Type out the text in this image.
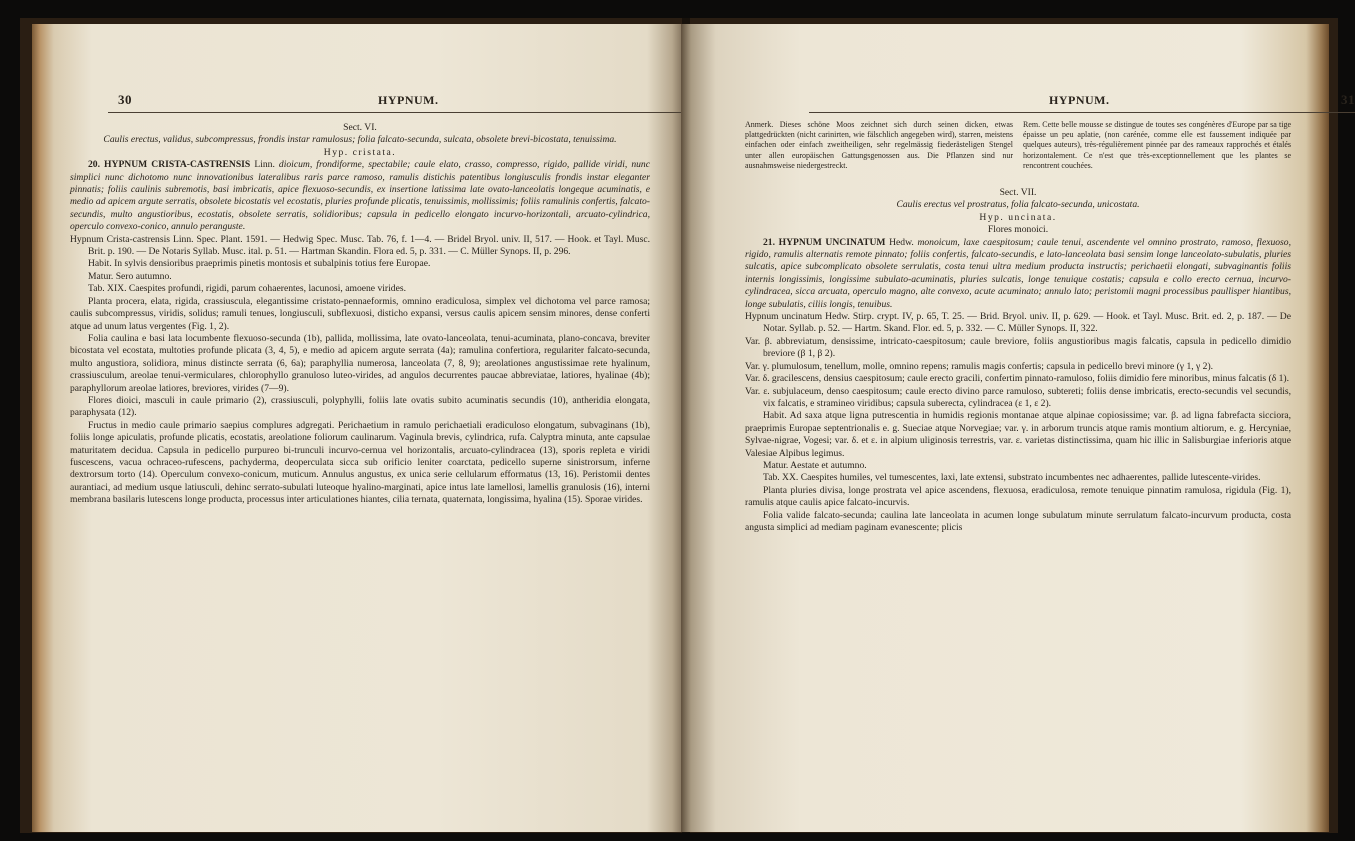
30	HYPNUM.

Sect. VI.

Caulis erectus, validus, subcompressus, frondis instar ramulosus; folia falcato-secunda, sulcata, obsolete brevi-bicostata, tenuissima.

Hyp. cristata.

20. HYPNUM CRISTA-CASTRENSIS Linn. dioicum, frondiforme, spectabile; caule elato, crasso, compresso, rigido, pallide viridi, nunc simplici nunc dichotomo nunc innovationibus lateralibus raris parce ramoso, ramulis distichis patentibus longiusculis frondis instar eleganter pinnatis; foliis caulinis subremotis, basi imbricatis, apice flexuoso-secundis, ex insertione latissima late ovato-lanceolatis longeque acuminatis, e medio ad apicem argute serratis, obsolete bicostatis vel ecostatis, pluries profunde plicatis, tenuissimis, mollissimis; foliis ramulinis confertis, falcato-secundis, multo angustioribus, ecostatis, obsolete serratis, solidioribus; capsula in pedicello elongato incurvo-horizontali, arcuato-cylindrica, operculo convexo-conico, annulo peranguste.

Hypnum Crista-castrensis Linn. Spec. Plant. 1591. — Hedwig Spec. Musc. Tab. 76, f. 1—4. — Bridel Bryol. univ. II, 517. — Hook. et Tayl. Musc. Brit. p. 190. — De Notaris Syllab. Musc. ital. p. 51. — Hartman Skandin. Flora ed. 5, p. 331. — C. Müller Synops. II, p. 296.

Habit. In sylvis densioribus praeprimis pinetis montosis et subalpinis totius fere Europae.

Matur. Sero autumno.

Tab. XIX. Caespites profundi, rigidi, parum cohaerentes, lacunosi, amoene virides.

Planta procera, elata, rigida, crassiuscula, elegantissime cristato-pennaeformis, omnino eradiculosa, simplex vel dichotoma vel parce ramosa; caulis subcompressus, viridis, solidus; ramuli tenues, longiusculi, subflexuosi, disticho expansi, versus caulis apicem sensim minores, dense conferti atque ad unum latus vergentes (Fig. 1, 2).

Folia caulina e basi lata locumbente flexuoso-secunda (1b), pallida, mollissima, late ovato-lanceolata, tenui-acuminata, plano-concava, breviter bicostata vel ecostata, multoties profunde plicata (3, 4, 5), e medio ad apicem argute serrata (4a); ramulina confertiora, regulariter falcato-secunda, multo angustiora, solidiora, minus distincte serrata (6, 6a); paraphyllia numerosa, lanceolata (7, 8, 9); areolationes angustissimae rete hyalinum, crassiusculum, areolae tenui-vermiculares, chlorophyllo granuloso luteo-virides, ad angulos decurrentes paucae abbreviatae, latiores, hyalinae (4b); paraphyllorum areolae latiores, breviores, virides (7—9).

Flores dioici, masculi in caule primario (2), crassiusculi, polyphylli, foliis late ovatis subito acuminatis secundis (10), antheridia elongata, paraphysata (12).

Fructus in medio caule primario saepius complures adgregati. Perichaetium in ramulo perichaetiali eradiculoso elongatum, subvaginans (1b), foliis longe apiculatis, profunde plicatis, ecostatis, areolatione foliorum caulinarum. Vaginula brevis, cylindrica, rufa. Calyptra minuta, ante capsulae maturitatem decidua. Capsula in pedicello purpureo bi-trunculi incurvo-cernua vel horizontalis, arcuato-cylindracea (13), sporis repleta e viridi fuscescens, vacua ochraceo-rufescens, pachyderma, deoperculata sicca sub orificio leniter coarctata, pedicello superne sinistrorsum, inferne dextrorsum torto (14). Operculum convexo-conicum, muticum. Annulus angustus, ex unica serie cellularum efformatus (13, 16). Peristomii dentes aurantiaci, ad medium usque latiusculi, dehinc serrato-subulati luteoque hyalino-marginati, apice intus late lamellosi, lamellis granulosis (16), interni membrana basilaris lutescens longe producta, processus inter articulationes hiantes, cilia ternata, quaternata, longissima, hyalina (15). Sporae virides.

HYPNUM.	31
Anmerk. Dieses schöne Moos zeichnet sich durch seinen dicken, etwas plattgedrückten (nicht carinirten, wie fälschlich angegeben wird), starren, meistens einfachen oder einfach zweitheiligen, sehr regelmässig fiederästeligen Stengel unter allen europäischen Gattungsgenossen aus. Die Pflanzen sind nur ausnahmsweise niedergestreckt.
Rem. Cette belle mousse se distingue de toutes ses congénères d'Europe par sa tige épaisse un peu aplatie, (non carénée, comme elle est faussement indiquée par quelques auteurs), très-régulièrement pinnée par des rameaux rapprochés et étalés horizontalement. Ce n'est que très-exceptionnellement que les plantes se rencontrent couchées.

Sect. VII.

Caulis erectus vel prostratus, folia falcato-secunda, unicostata.

Hyp. uncinata.

Flores monoici.

21. HYPNUM UNCINATUM Hedw. monoicum, laxe caespitosum; caule tenui, ascendente vel omnino prostrato, ramoso, flexuoso, rigido, ramulis alternatis remote pinnato; foliis confertis, falcato-secundis, e lato-lanceolata basi sensim longe lanceolato-subulatis, pluries sulcatis, apice subcomplicato obsolete serrulatis, costa tenui ultra medium producta instructis; perichaetii elongati, subvaginantis foliis internis longissimis, longissime subulato-acuminatis, pluries sulcatis, longe tenuique costatis; capsula e collo erecto cernua, incurvo-cylindracea, sicca arcuata, operculo magno, alte convexo, acute acuminato; annulo lato; peristomii magni processibus paullisper hiantibus, longe subulatis, ciliis longis, tenuibus.

Hypnum uncinatum Hedw. Stirp. crypt. IV, p. 65, T. 25. — Brid. Bryol. univ. II, p. 629. — Hook. et Tayl. Musc. Brit. ed. 2, p. 187. — De Notar. Syllab. p. 52. — Hartm. Skand. Flor. ed. 5, p. 332. — C. Müller Synops. II, 322.

Var. β. abbreviatum, densissime, intricato-caespitosum; caule breviore, foliis angustioribus magis falcatis, capsula in pedicello dimidio breviore (β 1, β 2).

Var. γ. plumulosum, tenellum, molle, omnino repens; ramulis magis confertis; capsula in pedicello brevi minore (γ 1, γ 2).

Var. δ. gracilescens, densius caespitosum; caule erecto gracili, confertim pinnato-ramuloso, foliis dimidio fere minoribus, minus falcatis (δ 1).

Var. ε. subjulaceum, denso caespitosum; caule erecto divino parce ramuloso, subtereti; foliis dense imbricatis, erecto-secundis vel secundis, vix falcatis, e stramineo viridibus; capsula suberecta, cylindracea (ε 1, ε 2).

Habit. Ad saxa atque ligna putrescentia in humidis regionis montanae atque alpinae copiosissime; var. β. ad ligna fabrefacta sicciora, praeprimis Europae septentrionalis e. g. Sueciae atque Norvegiae; var. γ. in arborum truncis atque ramis montium altiorum, e. g. Hercyniae, Sylvae-nigrae, Vogesi; var. δ. et ε. in alpium uliginosis terrestris, var. ε. varietas distinctissima, quam hic illic in Salisburgiae inferioris atque Valesiae Alpibus legimus.

Matur. Aestate et autumno.

Tab. XX. Caespites humiles, vel tumescentes, laxi, late extensi, substrato incumbentes nec adhaerentes, pallide lutescente-virides.

Planta pluries divisa, longe prostrata vel apice ascendens, flexuosa, eradiculosa, remote tenuique pinnatim ramulosa, rigidula (Fig. 1), ramulis atque caulis apice falcato-incurvis.

Folia valide falcato-secunda; caulina late lanceolata in acumen longe subulatum minute serrulatum falcato-incurvum producta, costa angusta simplici ad mediam paginam evanescente; plicis
